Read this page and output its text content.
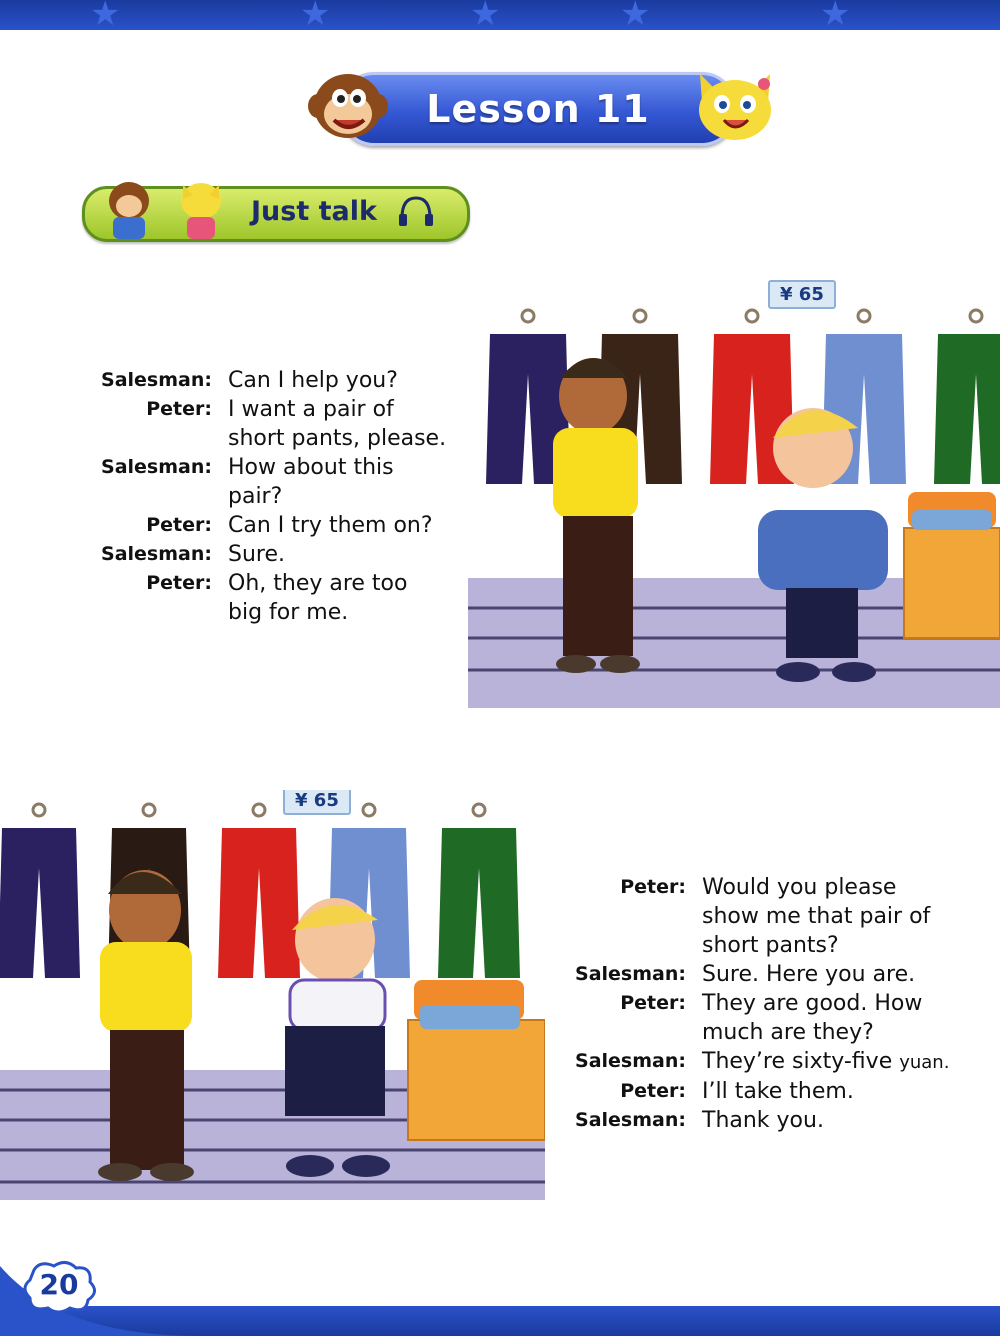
★	★	★	★	★
Lesson 11
Just talk
Salesman: Can I help you?
Peter: I want a pair of
short pants, please.
Salesman: How about this
pair?
Peter: Can I try them on?
Salesman: Sure.
Peter: Oh, they are too
big for me.
¥ 65
¥ 65
Peter: Would you please
show me that pair of
short pants?
Salesman: Sure. Here you are.
Peter: They are good. How
much are they?
Salesman: They’re sixty-five yuan.
Peter: I’ll take them.
Salesman: Thank you.
20
